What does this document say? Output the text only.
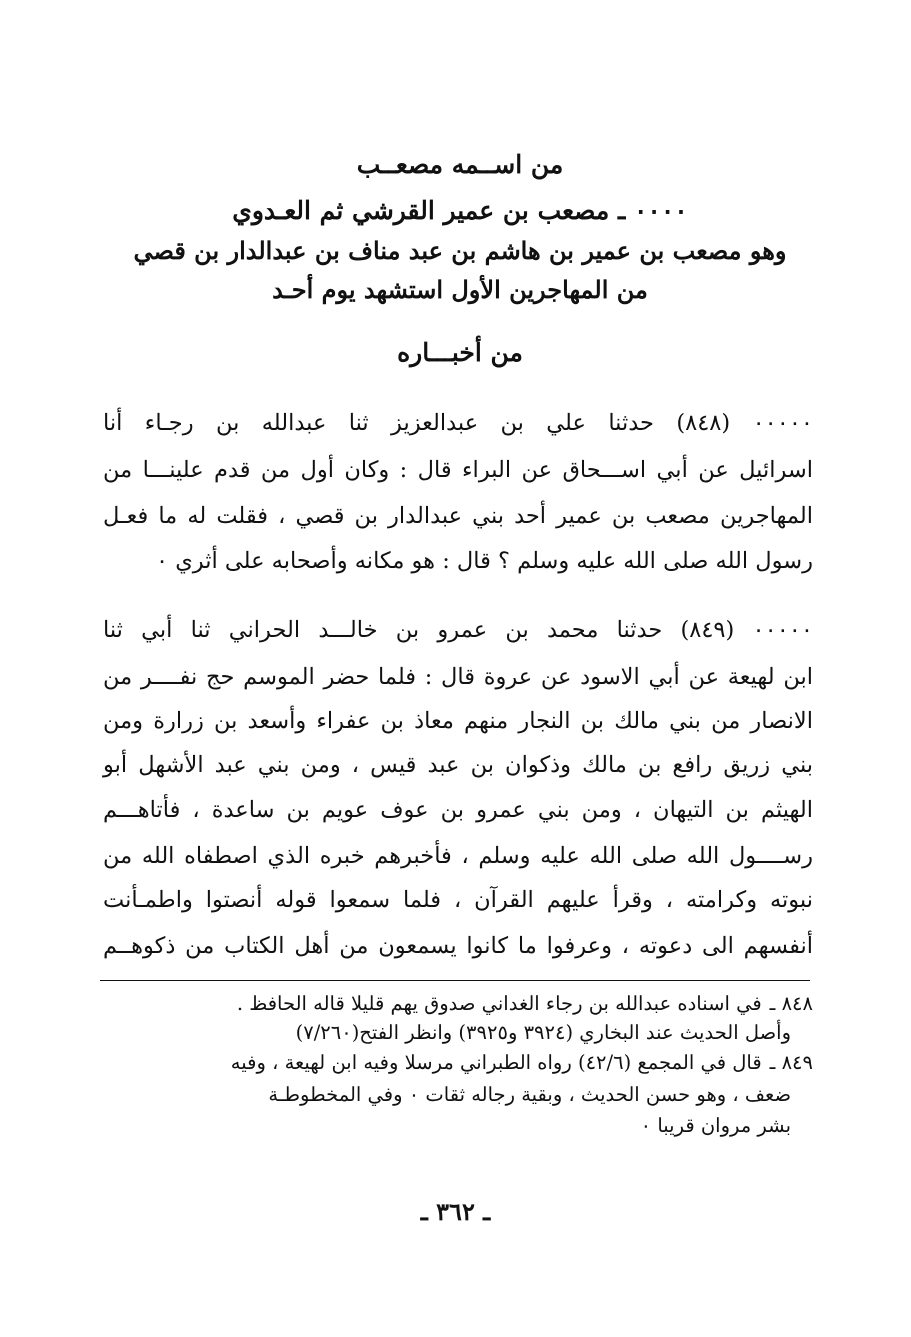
من اســمه مصعــب
۰۰۰۰ ـ مصعب بن عمير القرشي ثم العـدوي
وهو مصعب بن عمير بن هاشم بن عبد مناف بن عبدالدار بن قصي
من المهاجرين الأول استشهد يوم أحـد
من أخبـــاره
۰۰۰۰۰ (٨٤٨) حدثنا علي بن عبدالعزيز ثنا عبدالله بن رجـاء أنا
اسرائيل عن أبي اســـحاق عن البراء قال : وكان أول من قدم علينـــا من
المهاجرين مصعب بن عمير أحد بني عبدالدار بن قصي ، فقلت له ما فعـل
رسول الله صلى الله عليه وسلم ؟ قال : هو مكانه وأصحابه على أثري ٠
۰۰۰۰۰ (٨٤٩) حدثنا محمد بن عمرو بن خالـــد الحراني ثنا أبي ثنا
ابن لهيعة عن أبي الاسود عن عروة قال : فلما حضر الموسم حج نفــــر من
الانصار من بني مالك بن النجار منهم معاذ بن عفراء وأسعد بن زرارة ومن
بني زريق رافع بن مالك وذكوان بن عبد قيس ، ومن بني عبد الأشهل أبو
الهيثم بن التيهان ، ومن بني عمرو بن عوف عويم بن ساعدة ، فأتاهـــم
رســــول الله صلى الله عليه وسلم ، فأخبرهم خبره الذي اصطفاه الله من
نبوته وكرامته ، وقرأ عليهم القرآن ، فلما سمعوا قوله أنصتوا واطمـأنت
أنفسهم الى دعوته ، وعرفوا ما كانوا يسمعون من أهل الكتاب من ذكوهــم
٨٤٨ ـفي اسناده عبدالله بن رجاء الغداني صدوق يهم قليلا قاله الحافظ .
وأصل الحديث عند البخاري (٣٩٢٤ و٣٩٢٥) وانظر الفتح(٧/٢٦٠)
٨٤٩ ـقال في المجمع (٤٢/٦) رواه الطبراني مرسلا وفيه ابن لهيعة ، وفيه
ضعف ، وهو حسن الحديث ، وبقية رجاله ثقات ٠ وفي المخطوطـة
بشر مروان قريبا ٠
ـ ٣٦٢ ـ
